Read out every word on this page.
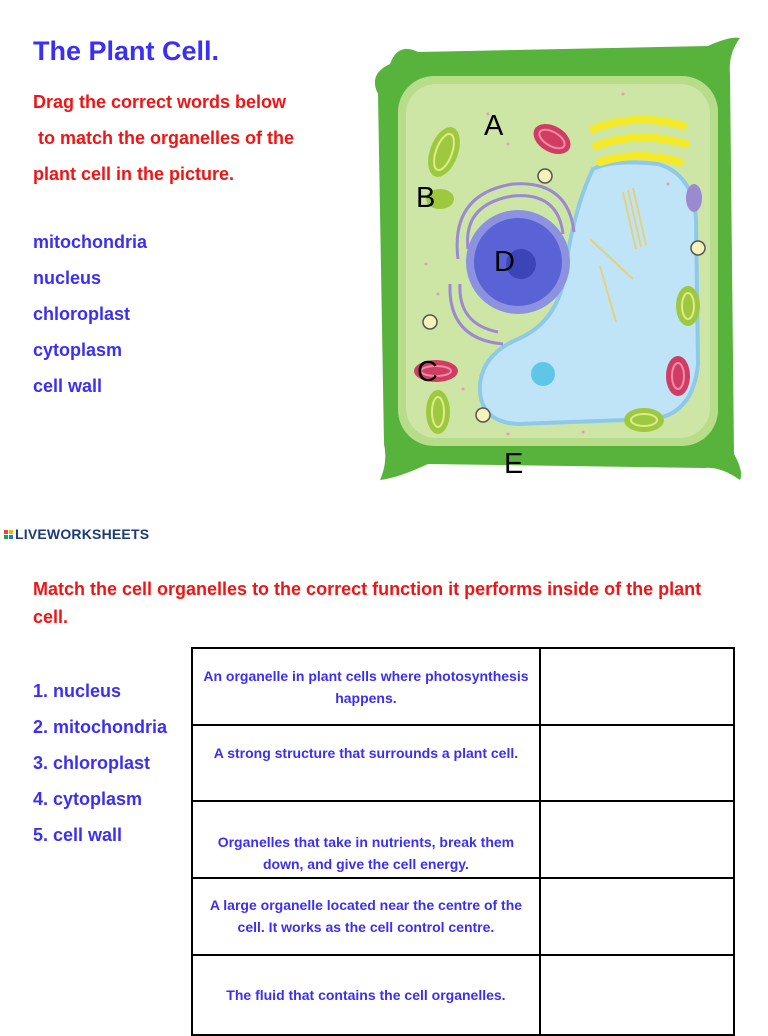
The Plant Cell.
Drag the correct words below
to match the organelles of the
plant cell in the picture.
mitochondria
nucleus
chloroplast
cytoplasm
cell wall
A
B
D
C
E
LIVEWORKSHEETS
Match the cell organelles to the correct function it performs inside of the plant cell.
1. nucleus
2. mitochondria
3. chloroplast
4. cytoplasm
5. cell wall
An organelle in plant cells where photosynthesis happens.	
A strong structure that surrounds a plant cell.	
Organelles that take in nutrients, break them down, and give the cell energy.	
A large organelle located near the centre of the cell. It works as the cell control centre.	
The fluid that contains the cell organelles.	
